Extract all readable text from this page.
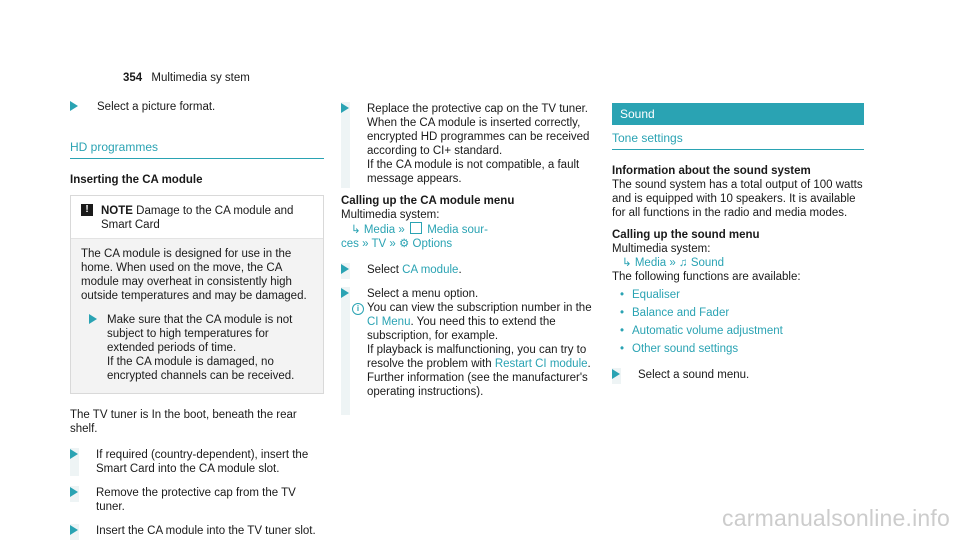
354 Multimedia sy stem
Select a picture format.
HD programmes
Inserting the CA module
! NOTE Damage to the CA module and Smart Card
The CA module is designed for use in the home. When used on the move, the CA module may overheat in consistently high outside temperatures and may be damaged.
Make sure that the CA module is not subject to high temperatures for extended periods of time.
If the CA module is damaged, no encrypted channels can be received.
The TV tuner is In the boot, beneath the rear shelf.
If required (country-dependent), insert the Smart Card into the CA module slot.
Remove the protective cap from the TV tuner.
Insert the CA module into the TV tuner slot.
Replace the protective cap on the TV tuner.
When the CA module is inserted correctly, encrypted HD programmes can be received according to CI+ standard.
If the CA module is not compatible, a fault message appears.
Calling up the CA module menu
Multimedia system:
↳ Media » Media sour-
ces » TV » ⚙ Options
Select CA module.
Select a menu option.
i You can view the subscription number in the CI Menu. You need this to extend the subscription, for example.
If playback is malfunctioning, you can try to resolve the problem with Restart CI module. Further information (see the manufacturer's operating instructions).
Sound
Tone settings
Information about the sound system
The sound system has a total output of 100 watts and is equipped with 10 speakers. It is available for all functions in the radio and media modes.
Calling up the sound menu
Multimedia system:
↳ Media » ♫ Sound
The following functions are available:
• Equaliser
• Balance and Fader
• Automatic volume adjustment
• Other sound settings
Select a sound menu.
carmanualsonline.info
